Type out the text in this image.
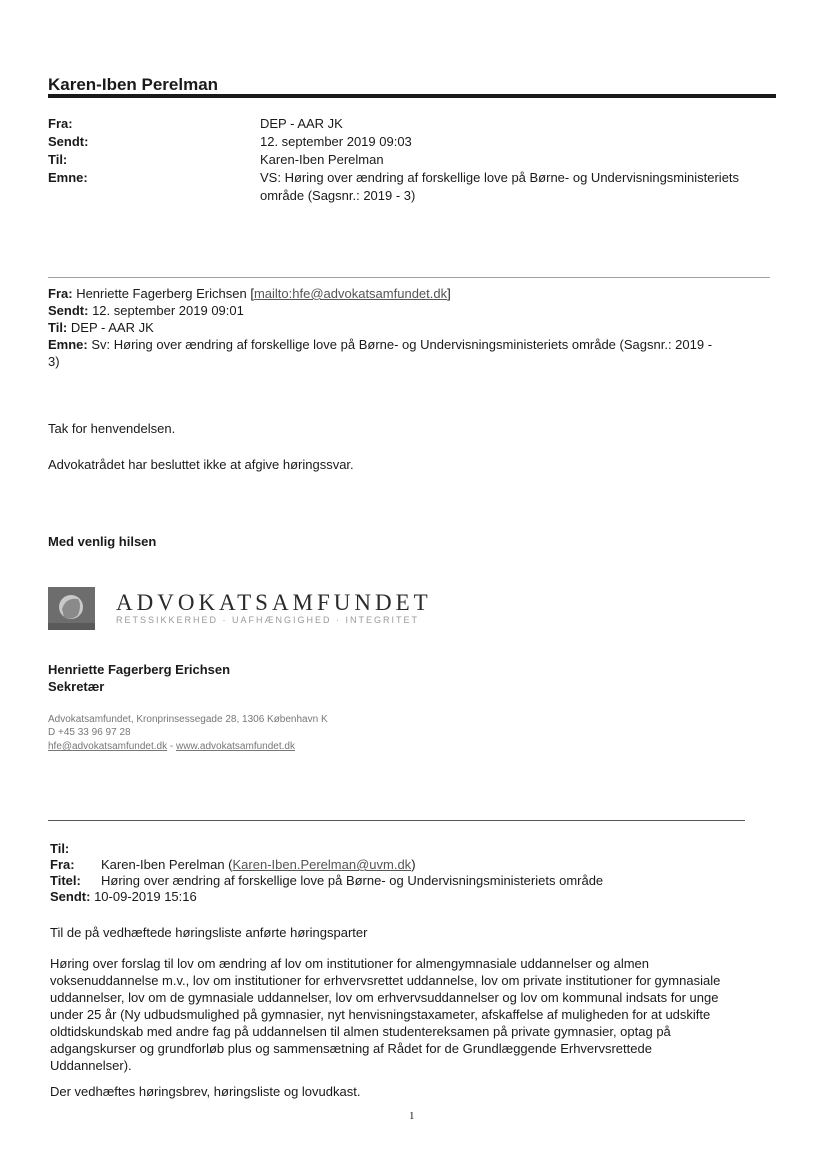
Karen-Iben Perelman
Fra:	DEP - AAR JK
Sendt:	12. september 2019 09:03
Til:	Karen-Iben Perelman
Emne:	VS: Høring over ændring af forskellige love på Børne- og Undervisningsministeriets
område (Sagsnr.: 2019 - 3)
Fra: Henriette Fagerberg Erichsen [mailto:hfe@advokatsamfundet.dk]
Sendt: 12. september 2019 09:01
Til: DEP - AAR JK
Emne: Sv: Høring over ændring af forskellige love på Børne- og Undervisningsministeriets område (Sagsnr.: 2019 -
3)
Tak for henvendelsen.
Advokatrådet har besluttet ikke at afgive høringssvar.
Med venlig hilsen
ADVOKATSAMFUNDET
RETSSIKKERHED · UAFHÆNGIGHED · INTEGRITET
Henriette Fagerberg Erichsen
Sekretær
Advokatsamfundet, Kronprinsessegade 28, 1306 København K
D +45 33 96 97 28
hfe@advokatsamfundet.dk - www.advokatsamfundet.dk
Til:
Fra: Karen-Iben Perelman (Karen-Iben.Perelman@uvm.dk)
Titel: Høring over ændring af forskellige love på Børne- og Undervisningsministeriets område
Sendt: 10-09-2019 15:16
Til de på vedhæftede høringsliste anførte høringsparter
Høring over forslag til lov om ændring af lov om institutioner for almengymnasiale uddannelser og almen
voksenuddannelse m.v., lov om institutioner for erhvervsrettet uddannelse, lov om private institutioner for gymnasiale
uddannelser, lov om de gymnasiale uddannelser, lov om erhvervsuddannelser og lov om kommunal indsats for unge
under 25 år (Ny udbudsmulighed på gymnasier, nyt henvisningstaxameter, afskaffelse af muligheden for at udskifte
oldtidskundskab med andre fag på uddannelsen til almen studentereksamen på private gymnasier, optag på
adgangskurser og grundforløb plus og sammensætning af Rådet for de Grundlæggende Erhvervsrettede
Uddannelser).
Der vedhæftes høringsbrev, høringsliste og lovudkast.
1
